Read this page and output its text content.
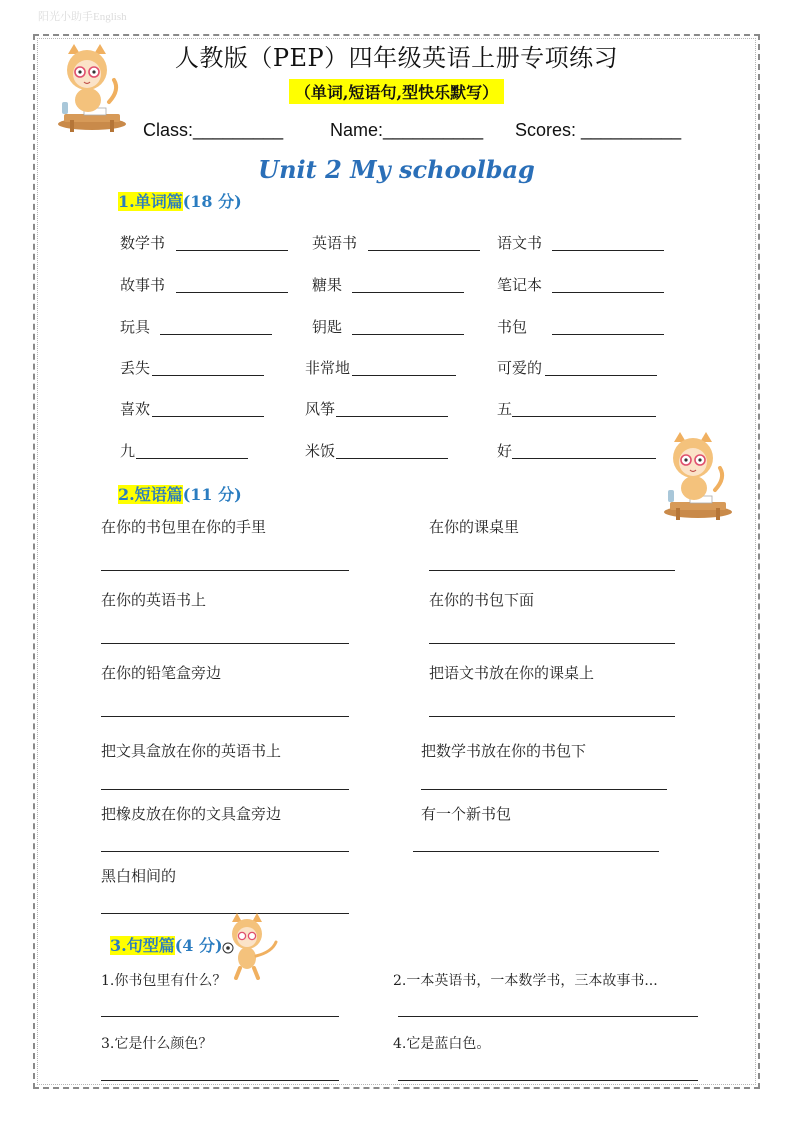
阳光小助手English
人教版（PEP）四年级英语上册专项练习
（单词,短语句,型快乐默写）
Class:_________	Name:__________ Scores: __________
Unit 2 My schoolbag
1.单词篇(18 分)
数学书	英语书	语文书
故事书	糖果	笔记本
玩具	钥匙	书包
丢失	非常地	可爱的
喜欢	风筝	五
九	米饭	好
2.短语篇(11 分)
在你的书包里在你的手里	在你的课桌里
在你的英语书上	在你的书包下面
在你的铅笔盒旁边	把语文书放在你的课桌上
把文具盒放在你的英语书上	把数学书放在你的书包下
把橡皮放在你的文具盒旁边	有一个新书包
黑白相间的
3.句型篇(4 分)
1.你书包里有什么？	2.一本英语书，一本数学书，三本故事书...
3.它是什么颜色？	4.它是蓝白色。
